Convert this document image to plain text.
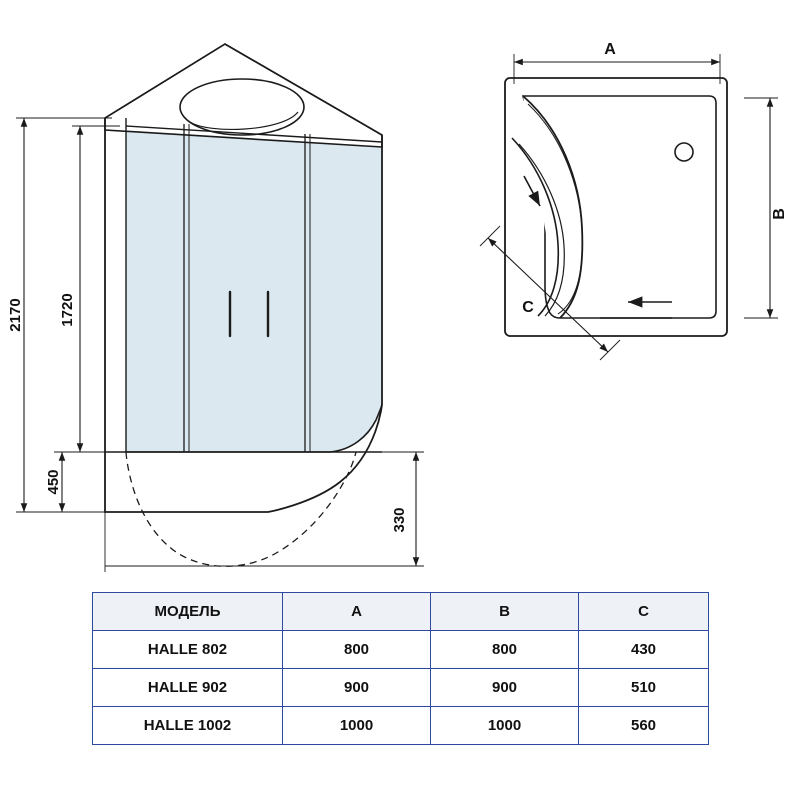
2170 1720
450
330
A
B
C
МОДЕЛЬ	A	B	C
HALLE 802	800	800	430
HALLE 902	900	900	510
HALLE 1002	1000	1000	560
